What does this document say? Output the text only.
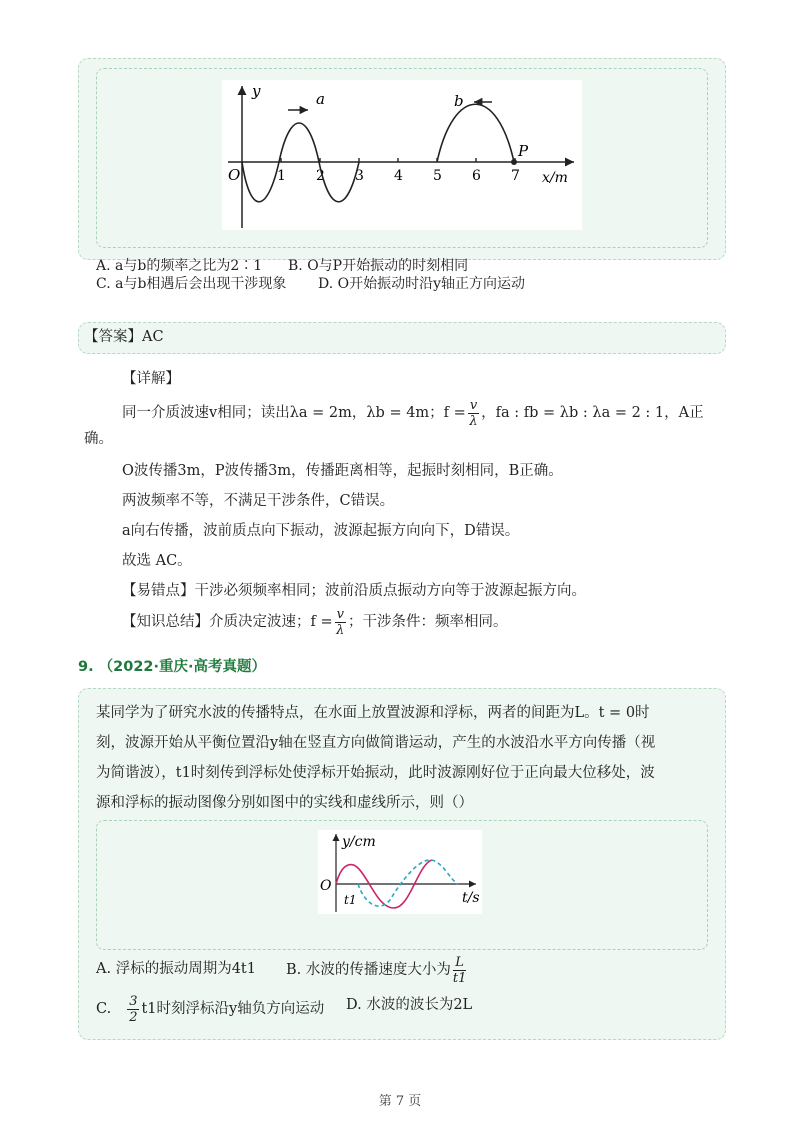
y
O	x/m
1 2 3 4 5 6 7
a	b
P
A. a与b的频率之比为2∶1 B. O与P开始振动的时刻相同
C. a与b相遇后会出现干涉现象 D. O开始振动时沿y轴正方向运动
【答案】AC
【详解】
同一介质波速v相同；读出λa = 2m，λb = 4m；$f = \frac{v}{\lambda}$ ，fa : fb = λb : λa = 2 : 1，A正
确。
O波传播3m，P波传播3m，传播距离相等，起振时刻相同，B正确。
两波频率不等，不满足干涉条件，C错误。
a向右传播，波前质点向下振动，波源起振方向向下，D错误。
故选 AC。
【易错点】干涉必须频率相同；波前沿质点振动方向等于波源起振方向。
【知识总结】介质决定波速；$f = \frac{v}{\lambda}$ ；干涉条件：频率相同。
9. （2022·重庆·高考真题）
某同学为了研究水波的传播特点，在水面上放置波源和浮标，两者的间距为L。t = 0时
刻，波源开始从平衡位置沿y轴在竖直方向做简谐运动，产生的水波沿水平方向传播（视
为简谐波），t1时刻传到浮标处使浮标开始振动，此时波源刚好位于正向最大位移处，波
源和浮标的振动图像分别如图中的实线和虚线所示，则（）
y/cm
O
t/s
t1
A. 浮标的振动周期为4t1 B. 水波的传播速度大小为 $\frac{L}{t1}$
C. $\frac{3}{2} t1$时刻浮标沿y轴负方向运动 D. 水波的波长为2L
第 7 页
